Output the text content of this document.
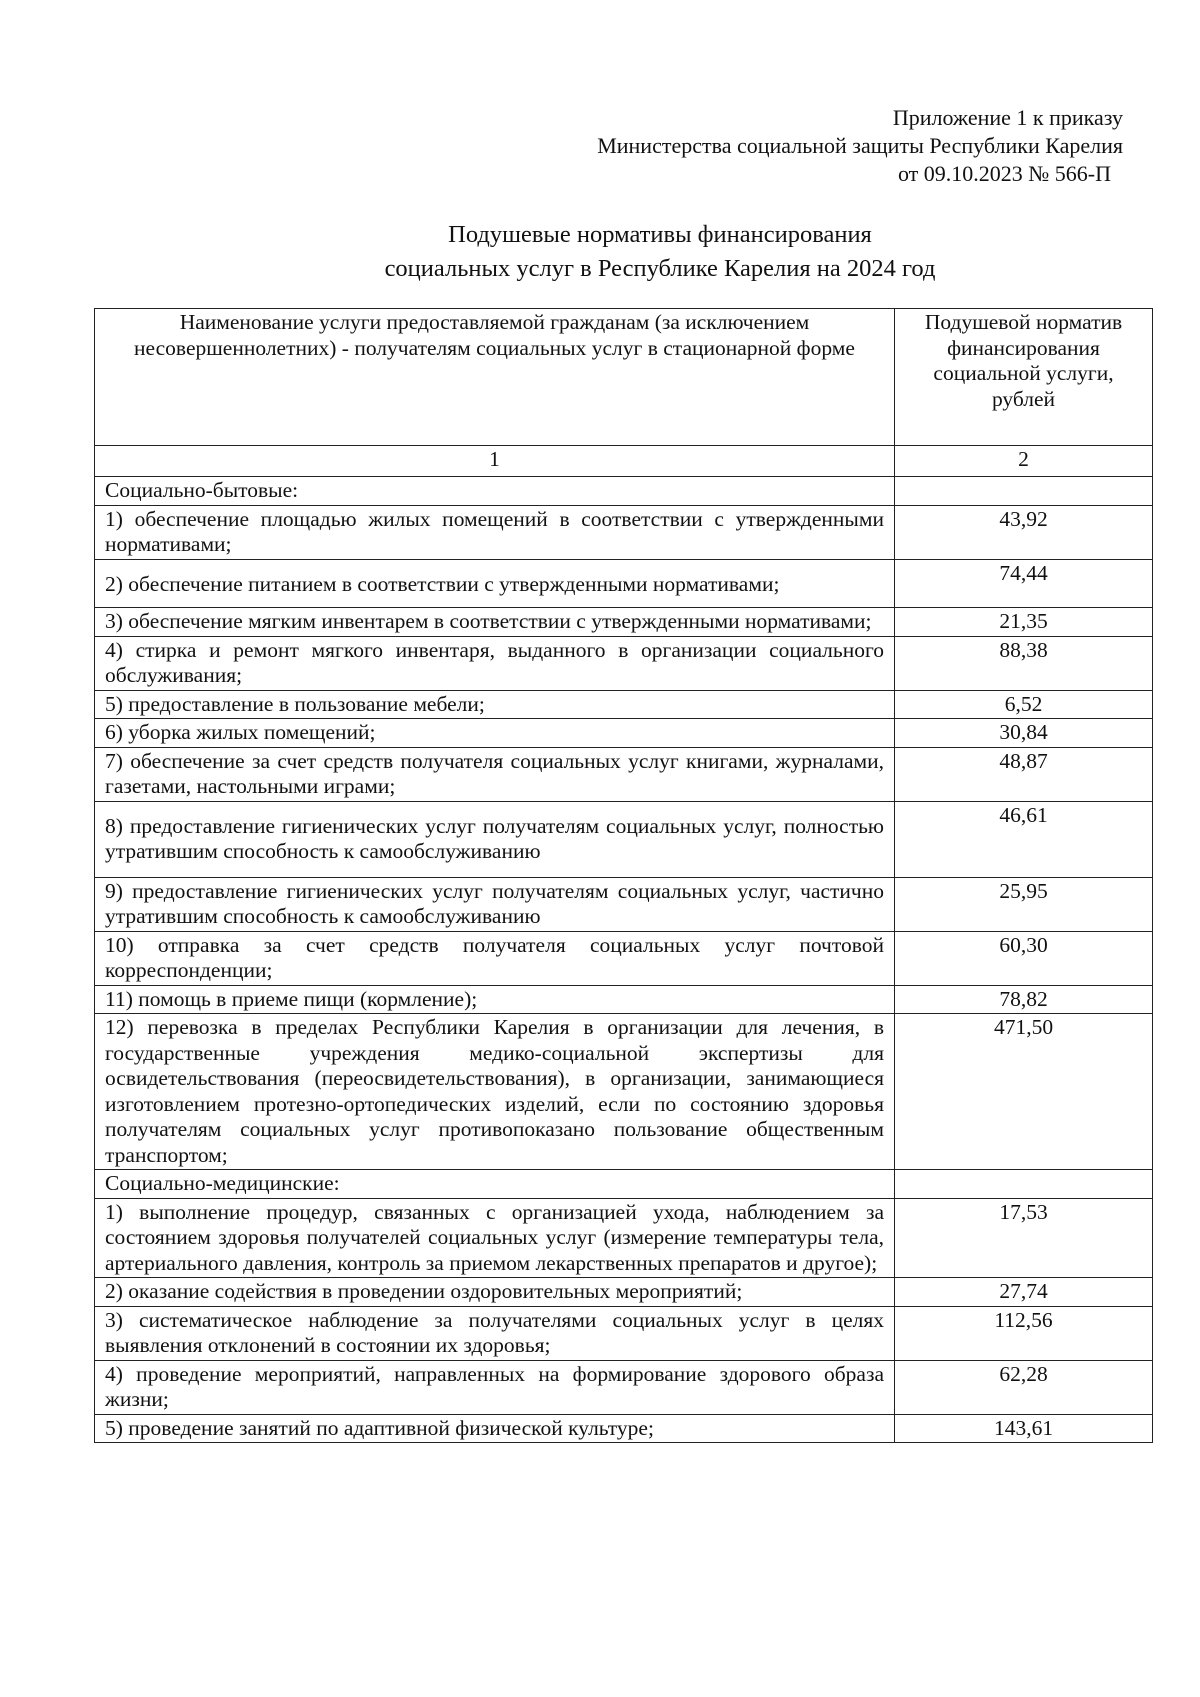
Приложение 1 к приказу
Министерства социальной защиты Республики Карелия
от 09.10.2023 № 566-П
Подушевые нормативы финансирования
социальных услуг в Республике Карелия на 2024 год
Наименование услуги предоставляемой гражданам (за исключением несовершеннолетних) - получателям социальных услуг в стационарной форме	Подушевой норматив финансирования социальной услуги, рублей
1	2
Социально-бытовые:	
1) обеспечение площадью жилых помещений в соответствии с утвержденными нормативами;	43,92
2) обеспечение питанием в соответствии с утвержденными нормативами;	74,44
3) обеспечение мягким инвентарем в соответствии с утвержденными нормативами;	21,35
4) стирка и ремонт мягкого инвентаря, выданного в организации социального обслуживания;	88,38
5) предоставление в пользование мебели;	6,52
6) уборка жилых помещений;	30,84
7) обеспечение за счет средств получателя социальных услуг книгами, журналами, газетами, настольными играми;	48,87
8) предоставление гигиенических услуг получателям социальных услуг, полностью утратившим способность к самообслуживанию	46,61
9) предоставление гигиенических услуг получателям социальных услуг, частично утратившим способность к самообслуживанию	25,95
10) отправка за счет средств получателя социальных услуг почтовой корреспонденции;	60,30
11) помощь в приеме пищи (кормление);	78,82
12) перевозка в пределах Республики Карелия в организации для лечения, в государственные учреждения медико-социальной экспертизы для освидетельствования (переосвидетельствования), в организации, занимающиеся изготовлением протезно-ортопедических изделий, если по состоянию здоровья получателям социальных услуг противопоказано пользование общественным транспортом;	471,50
Социально-медицинские:	
1) выполнение процедур, связанных с организацией ухода, наблюдением за состоянием здоровья получателей социальных услуг (измерение температуры тела, артериального давления, контроль за приемом лекарственных препаратов и другое);	17,53
2) оказание содействия в проведении оздоровительных мероприятий;	27,74
3) систематическое наблюдение за получателями социальных услуг в целях выявления отклонений в состоянии их здоровья;	112,56
4) проведение мероприятий, направленных на формирование здорового образа жизни;	62,28
5) проведение занятий по адаптивной физической культуре;	143,61
